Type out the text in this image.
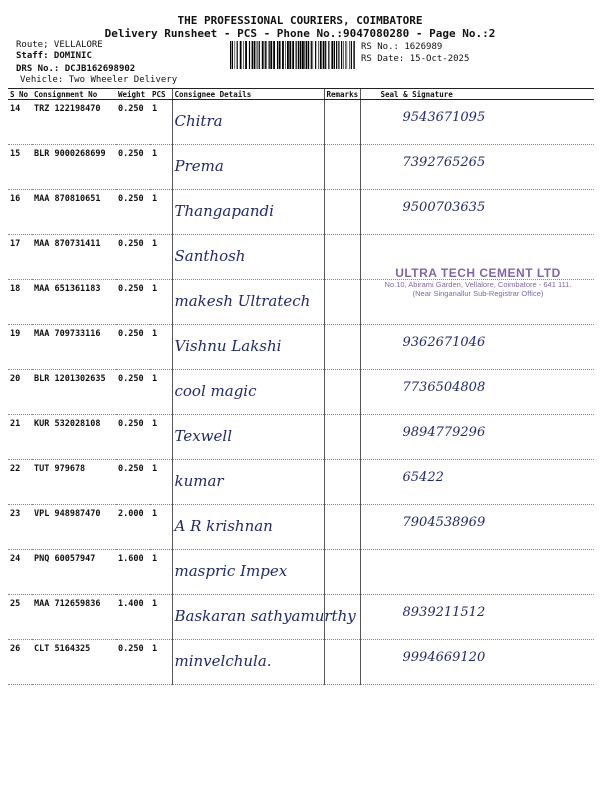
THE PROFESSIONAL COURIERS, COIMBATORE
Delivery Runsheet - PCS - Phone No.:9047080280 - Page No.:2
Route; VELLALORE
Staff: DOMINIC
DRS No.: DCJB162698902
Vehicle: Two Wheeler Delivery
RS No.: 1626989
RS Date: 15-Oct-2025
S No	Consignment No	Weight	PCS	Consignee Details	Remarks	Seal & Signature
14	TRZ 122198470	0.250	1	Chitra		9543671095
15	BLR 9000268699	0.250	1	Prema		7392765265
16	MAA 870810651	0.250	1	Thangapandi		9500703635
17	MAA 870731411	0.250	1	Santhosh		
18	MAA 651361183	0.250	1	makesh Ultratech		
19	MAA 709733116	0.250	1	Vishnu Lakshi		9362671046
20	BLR 1201302635	0.250	1	cool magic		7736504808
21	KUR 532028108	0.250	1	Texwell		9894779296
22	TUT 979678	0.250	1	kumar		65422
23	VPL 948987470	2.000	1	A R krishnan		7904538969
24	PNQ 60057947	1.600	1	maspric Impex		
25	MAA 712659836	1.400	1	Baskaran sathyamurthy		8939211512
26	CLT 5164325	0.250	1	minvelchula.		9994669120
ULTRA TECH CEMENT LTD
No.10, Abirami Garden, Vellalore, Coimbatore - 641 111.
(Near Singanallur Sub-Registrar Office)
